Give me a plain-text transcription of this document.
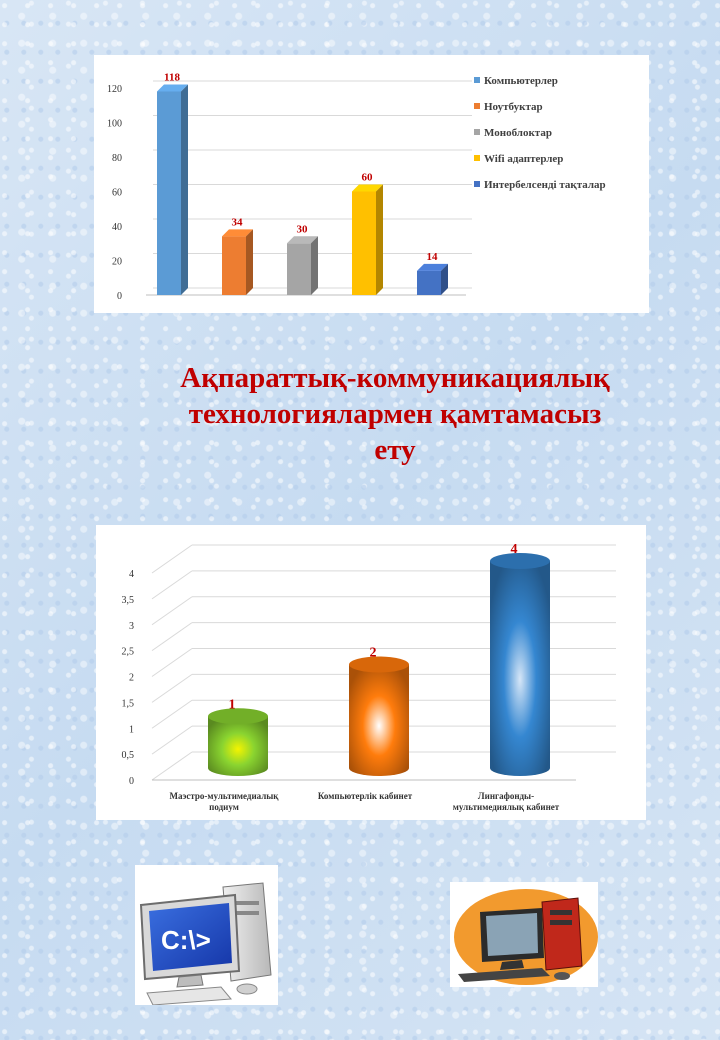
0
20
40
60
80
100
120
118
34
30
60
14
Компьютерлер
Ноутбуктар
Моноблоктар
Wifi адаптерлер
Интербелсенді тақталар
Ақпараттық-коммуникациялық
технологиялармен қамтамасыз
ету
0
0,5
1
1,5
2
2,5
3
3,5
4
1
Маэстро-мультимедиалық
подиум
2
Компьютерлік кабинет
4
Лингафонды-
мультимедиялық кабинет
C:\>
